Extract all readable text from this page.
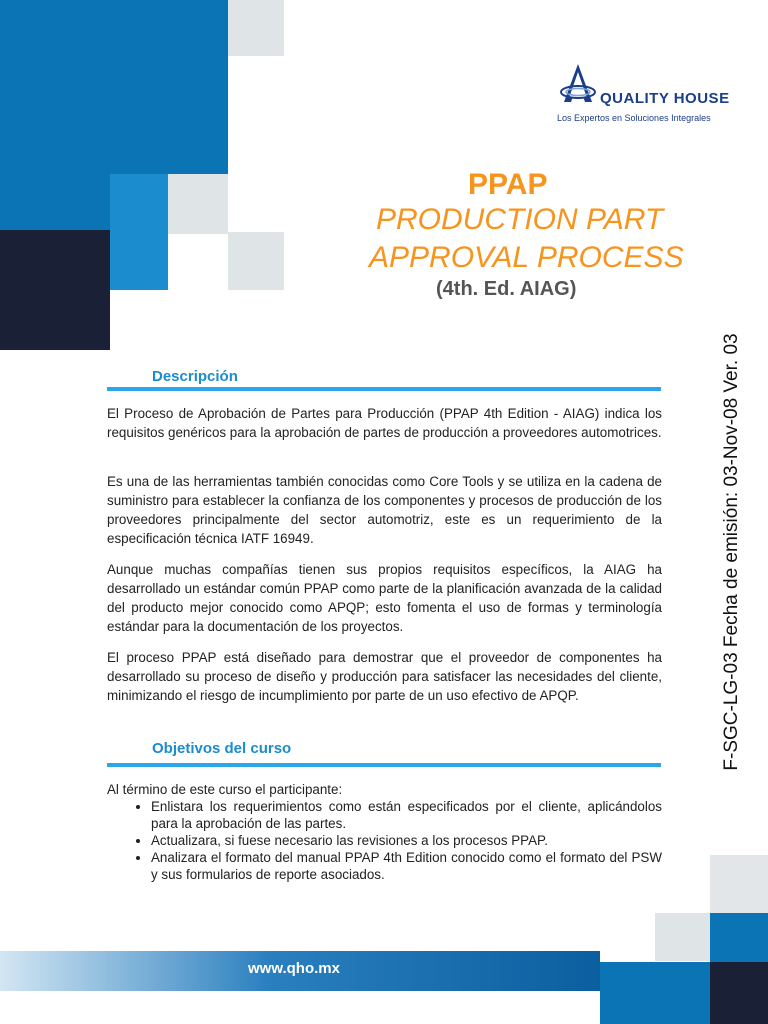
www.qho.mx
QUALITY HOUSE
Los Expertos en Soluciones Integrales
PPAP
PRODUCTION PART
APPROVAL PROCESS
(4th. Ed. AIAG)
F-SGC-LG-03 Fecha de emisión: 03-Nov-08 Ver. 03
Descripción

El Proceso de Aprobación de Partes para Producción (PPAP 4th Edition - AIAG) indica los requisitos genéricos para la aprobación de partes de producción a proveedores automotrices.

Es una de las herramientas también conocidas como Core Tools y se utiliza en la cadena de suministro para establecer la confianza de los componentes y procesos de producción de los proveedores principalmente del sector automotriz, este es un requerimiento de la especificación técnica IATF 16949.

Aunque muchas compañías tienen sus propios requisitos específicos, la AIAG ha desarrollado un estándar común PPAP como parte de la planificación avanzada de la calidad del producto mejor conocido como APQP; esto fomenta el uso de formas y terminología estándar para la documentación de los proyectos.

El proceso PPAP está diseñado para demostrar que el proveedor de componentes ha desarrollado su proceso de diseño y producción para satisfacer las necesidades del cliente, minimizando el riesgo de incumplimiento por parte de un uso efectivo de APQP.

Objetivos del curso

Al término de este curso el participante:

• Enlistara los requerimientos como están especificados por el cliente, aplicándolos para la aprobación de las partes.
• Actualizara, si fuese necesario las revisiones a los procesos PPAP.
• Analizara el formato del manual PPAP 4th Edition conocido como el formato del PSW y sus formularios de reporte asociados.
